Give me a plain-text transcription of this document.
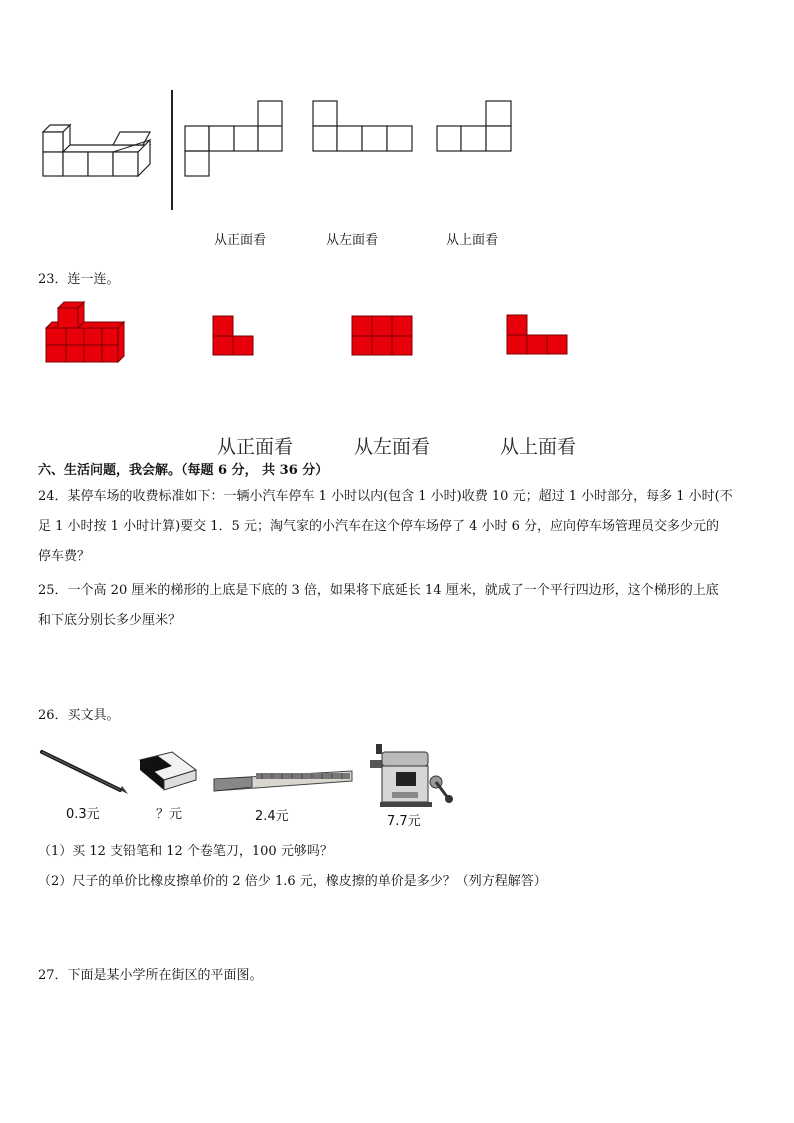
从正面看	从左面看	从上面看
23．连一连。
从正面看	从左面看	从上面看
六、生活问题，我会解。（每题 6 分， 共 36 分）
24．某停车场的收费标准如下：一辆小汽车停车 1 小时以内(包含 1 小时)收费 10 元；超过 1 小时部分，每多 1 小时(不
足 1 小时按 1 小时计算)要交 1．5 元；淘气家的小汽车在这个停车场停了 4 小时 6 分，应向停车场管理员交多少元的
停车费？
25．一个高 20 厘米的梯形的上底是下底的 3 倍，如果将下底延长 14 厘米，就成了一个平行四边形，这个梯形的上底
和下底分别长多少厘米？
26．买文具。
0.3元	？元	2.4元	7.7元
（1）买 12 支铅笔和 12 个卷笔刀，100 元够吗？
（2）尺子的单价比橡皮擦单价的 2 倍少 1.6 元，橡皮擦的单价是多少？（列方程解答）
27．下面是某小学所在街区的平面图。
